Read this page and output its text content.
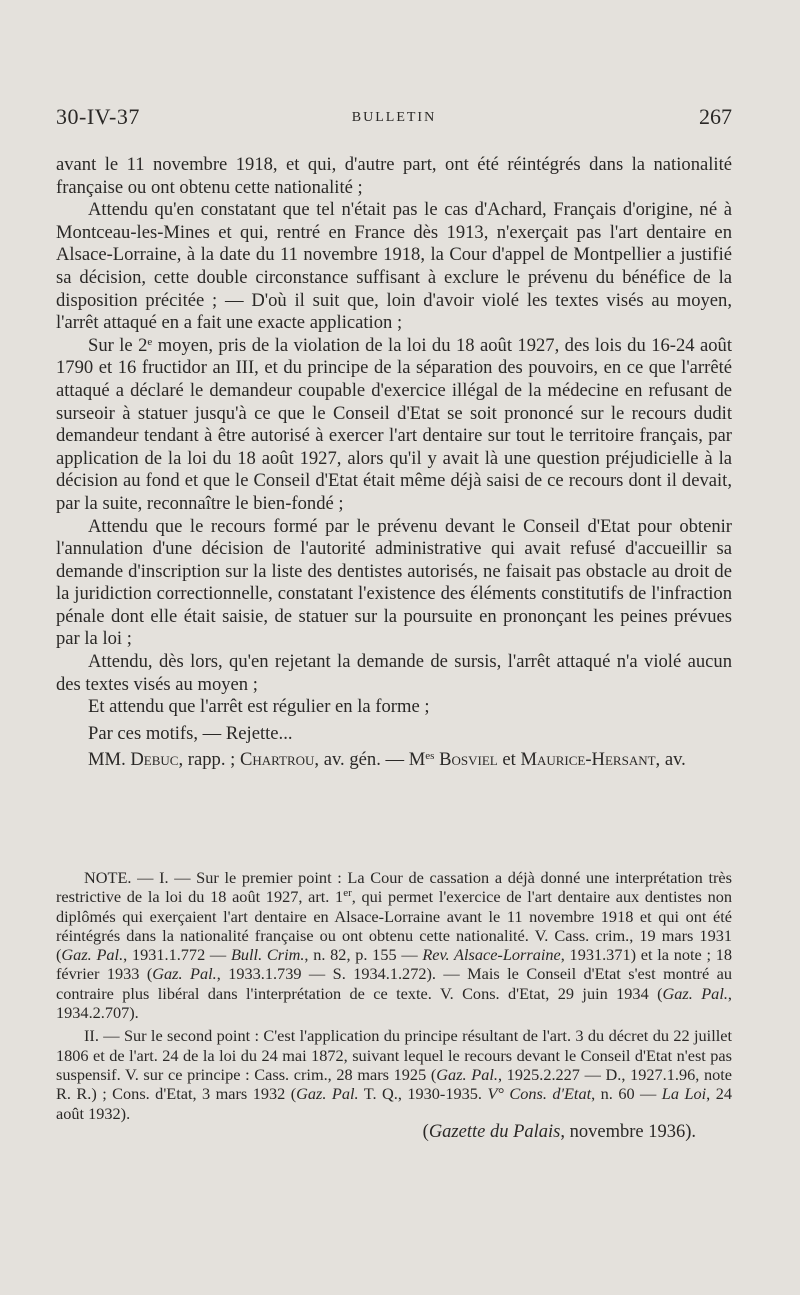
30-IV-37	BULLETIN	267

avant le 11 novembre 1918, et qui, d'autre part, ont été réintégrés dans la nationalité française ou ont obtenu cette nationalité ;

Attendu qu'en constatant que tel n'était pas le cas d'Achard, Français d'origine, né à Montceau-les-Mines et qui, rentré en France dès 1913, n'exerçait pas l'art dentaire en Alsace-Lorraine, à la date du 11 novembre 1918, la Cour d'appel de Montpellier a justifié sa décision, cette double circonstance suffisant à exclure le prévenu du bénéfice de la disposition précitée ; — D'où il suit que, loin d'avoir violé les textes visés au moyen, l'arrêt attaqué en a fait une exacte application ;

Sur le 2e moyen, pris de la violation de la loi du 18 août 1927, des lois du 16-24 août 1790 et 16 fructidor an III, et du principe de la séparation des pouvoirs, en ce que l'arrêté attaqué a déclaré le demandeur coupable d'exercice illégal de la médecine en refusant de surseoir à statuer jusqu'à ce que le Conseil d'Etat se soit prononcé sur le recours dudit demandeur tendant à être autorisé à exercer l'art dentaire sur tout le territoire français, par application de la loi du 18 août 1927, alors qu'il y avait là une question préjudicielle à la décision au fond et que le Conseil d'Etat était même déjà saisi de ce recours dont il devait, par la suite, reconnaître le bien-fondé ;

Attendu que le recours formé par le prévenu devant le Conseil d'Etat pour obtenir l'annulation d'une décision de l'autorité administrative qui avait refusé d'accueillir sa demande d'inscription sur la liste des dentistes autorisés, ne faisait pas obstacle au droit de la juridiction correctionnelle, constatant l'existence des éléments constitutifs de l'infraction pénale dont elle était saisie, de statuer sur la poursuite en prononçant les peines prévues par la loi ;

Attendu, dès lors, qu'en rejetant la demande de sursis, l'arrêt attaqué n'a violé aucun des textes visés au moyen ;

Et attendu que l'arrêt est régulier en la forme ;

Par ces motifs, — Rejette...

MM. Debuc, rapp. ; Chartrou, av. gén. — $M^{es}$ Bosviel et Maurice-Hersant, av.

NOTE. — I. — Sur le premier point : La Cour de cassation a déjà donné une interprétation très restrictive de la loi du 18 août 1927, art. 1er, qui permet l'exercice de l'art dentaire aux dentistes non diplômés qui exerçaient l'art dentaire en Alsace-Lorraine avant le 11 novembre 1918 et qui ont été réintégrés dans la nationalité française ou ont obtenu cette nationalité. V. Cass. crim., 19 mars 1931 (Gaz. Pal., 1931.1.772 — Bull. Crim., n. 82, p. 155 — Rev. Alsace-Lorraine, 1931.371) et la note ; 18 février 1933 (Gaz. Pal., 1933.1.739 — S. 1934.1.272). — Mais le Conseil d'Etat s'est montré au contraire plus libéral dans l'interprétation de ce texte. V. Cons. d'Etat, 29 juin 1934 (Gaz. Pal., 1934.2.707).

II. — Sur le second point : C'est l'application du principe résultant de l'art. 3 du décret du 22 juillet 1806 et de l'art. 24 de la loi du 24 mai 1872, suivant lequel le recours devant le Conseil d'Etat n'est pas suspensif. V. sur ce principe : Cass. crim., 28 mars 1925 (Gaz. Pal., 1925.2.227 — D., 1927.1.96, note R. R.) ; Cons. d'Etat, 3 mars 1932 (Gaz. Pal. T. Q., 1930-1935. V° Cons. d'Etat, n. 60 — La Loi, 24 août 1932).

(Gazette du Palais, novembre 1936).
